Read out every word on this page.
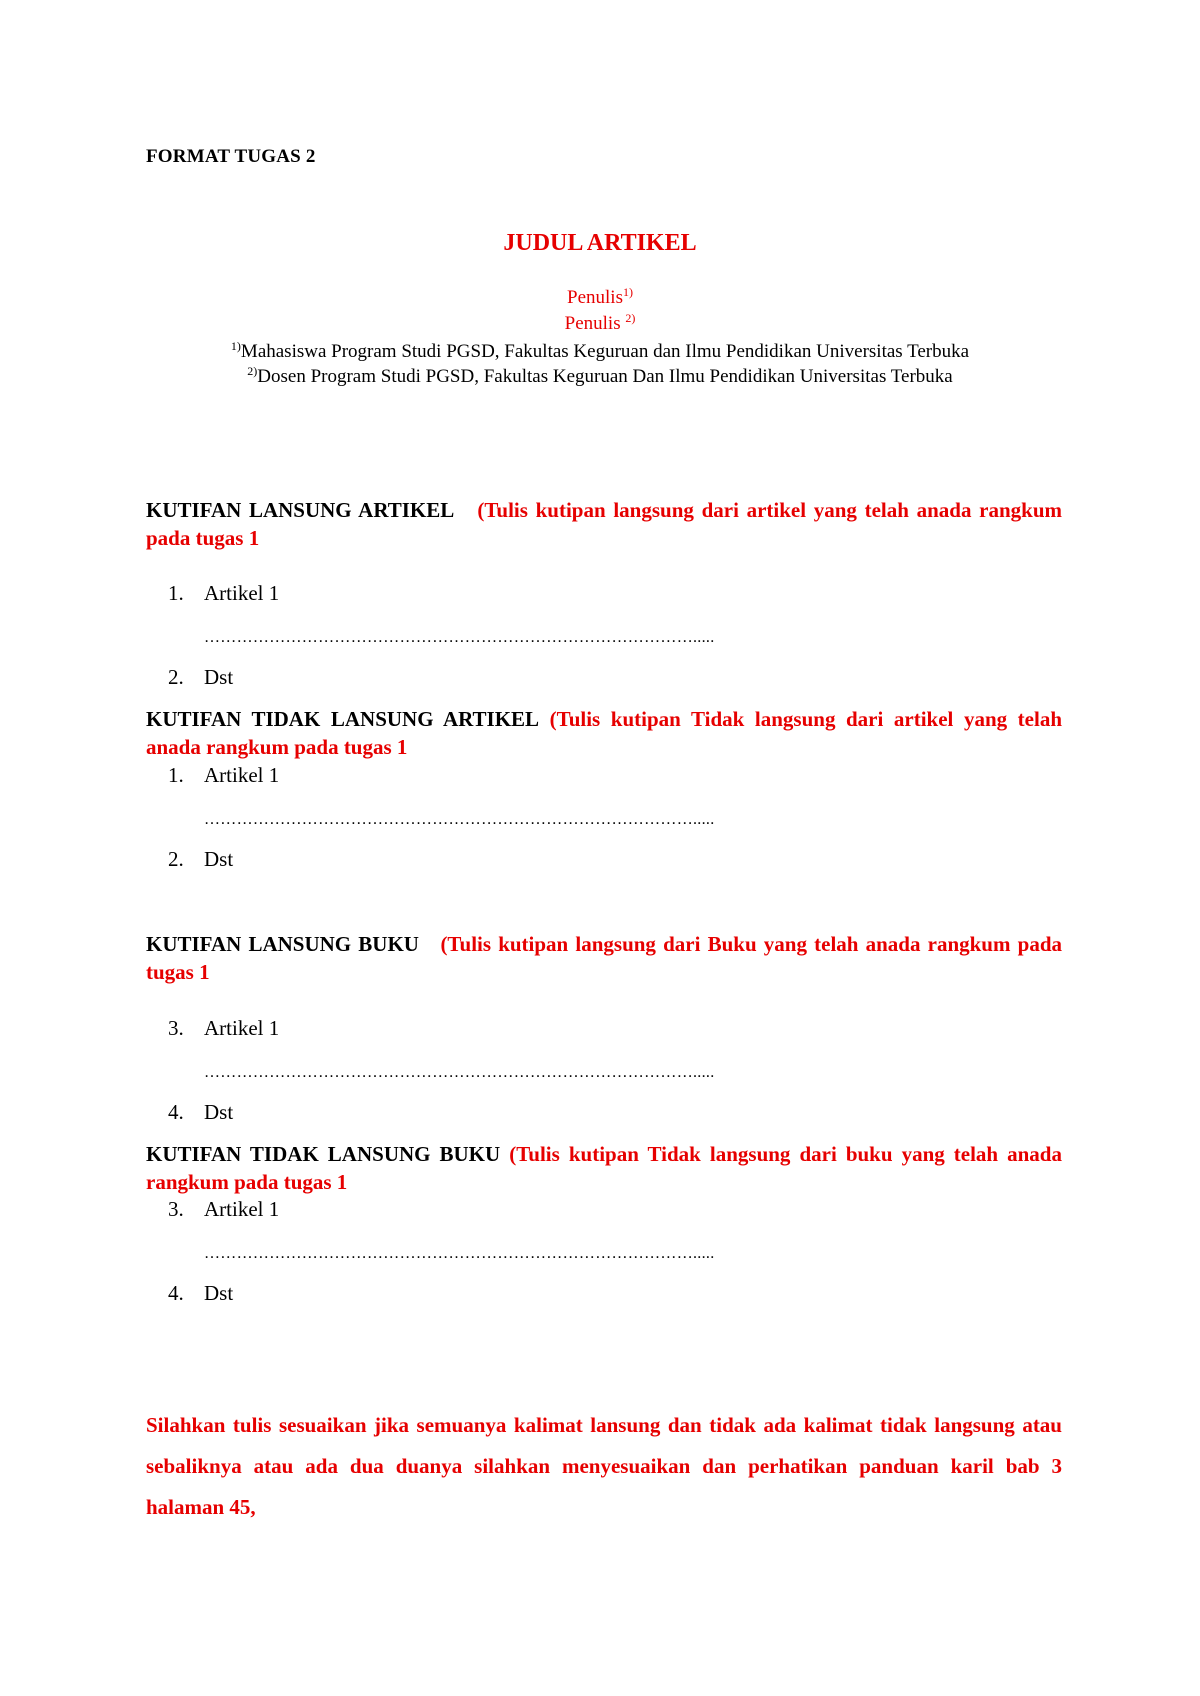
FORMAT TUGAS 2
JUDUL ARTIKEL
Penulis$^{1)}$
Penulis $^{2)}$
$^{1)}$Mahasiswa Program Studi PGSD, Fakultas Keguruan dan Ilmu Pendidikan Universitas Terbuka
$^{2)}$Dosen Program Studi PGSD, Fakultas Keguruan Dan Ilmu Pendidikan Universitas Terbuka
KUTIFAN LANSUNG ARTIKEL (Tulis kutipan langsung dari artikel yang telah anada rangkum pada tugas 1
1. Artikel 1
……………………………………………………………………………….....
2. Dst
KUTIFAN TIDAK LANSUNG ARTIKEL (Tulis kutipan Tidak langsung dari artikel yang telah anada rangkum pada tugas 1
1. Artikel 1
……………………………………………………………………………….....
2. Dst
KUTIFAN LANSUNG BUKU (Tulis kutipan langsung dari Buku yang telah anada rangkum pada tugas 1
3. Artikel 1
……………………………………………………………………………….....
4. Dst
KUTIFAN TIDAK LANSUNG BUKU (Tulis kutipan Tidak langsung dari buku yang telah anada rangkum pada tugas 1
3. Artikel 1
……………………………………………………………………………….....
4. Dst
Silahkan tulis sesuaikan jika semuanya kalimat lansung dan tidak ada kalimat tidak langsung atau sebaliknya atau ada dua duanya silahkan menyesuaikan dan perhatikan panduan karil bab 3 halaman 45,
